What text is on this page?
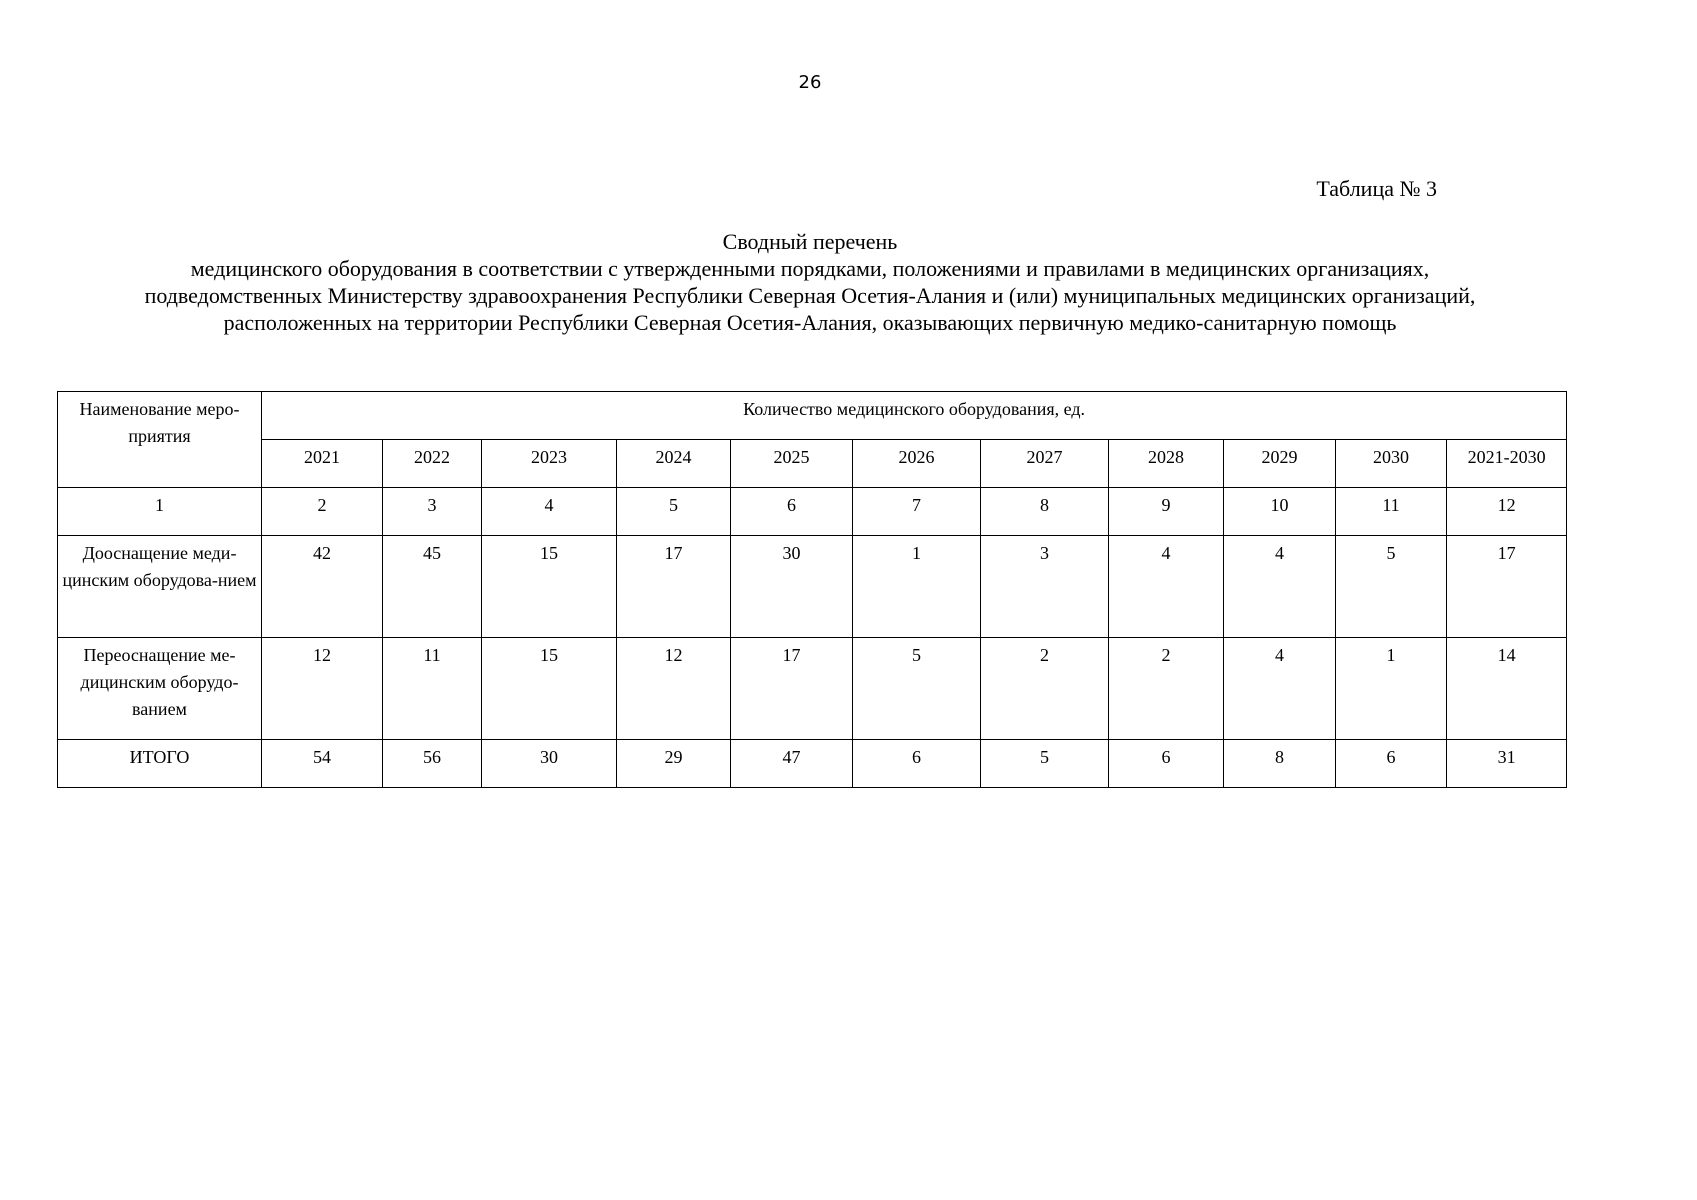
26
Таблица № 3
Сводный перечень
медицинского оборудования в соответствии с утвержденными порядками, положениями и правилами в медицинских организациях,
подведомственных Министерству здравоохранения Республики Северная Осетия-Алания и (или) муниципальных медицинских организаций,
расположенных на территории Республики Северная Осетия-Алания, оказывающих первичную медико-санитарную помощь
Наименование меро-приятия	Количество медицинского оборудования, ед.										
	2021	2022	2023	2024	2025	2026	2027	2028	2029	2030	2021-2030
1	2	3	4	5	6	7	8	9	10	11	12
Дооснащение меди-цинским оборудова-нием	42	45	15	17	30	1	3	4	4	5	17
Переоснащение ме-дицинским оборудо-ванием	12	11	15	12	17	5	2	2	4	1	14
ИТОГО	54	56	30	29	47	6	5	6	8	6	31
